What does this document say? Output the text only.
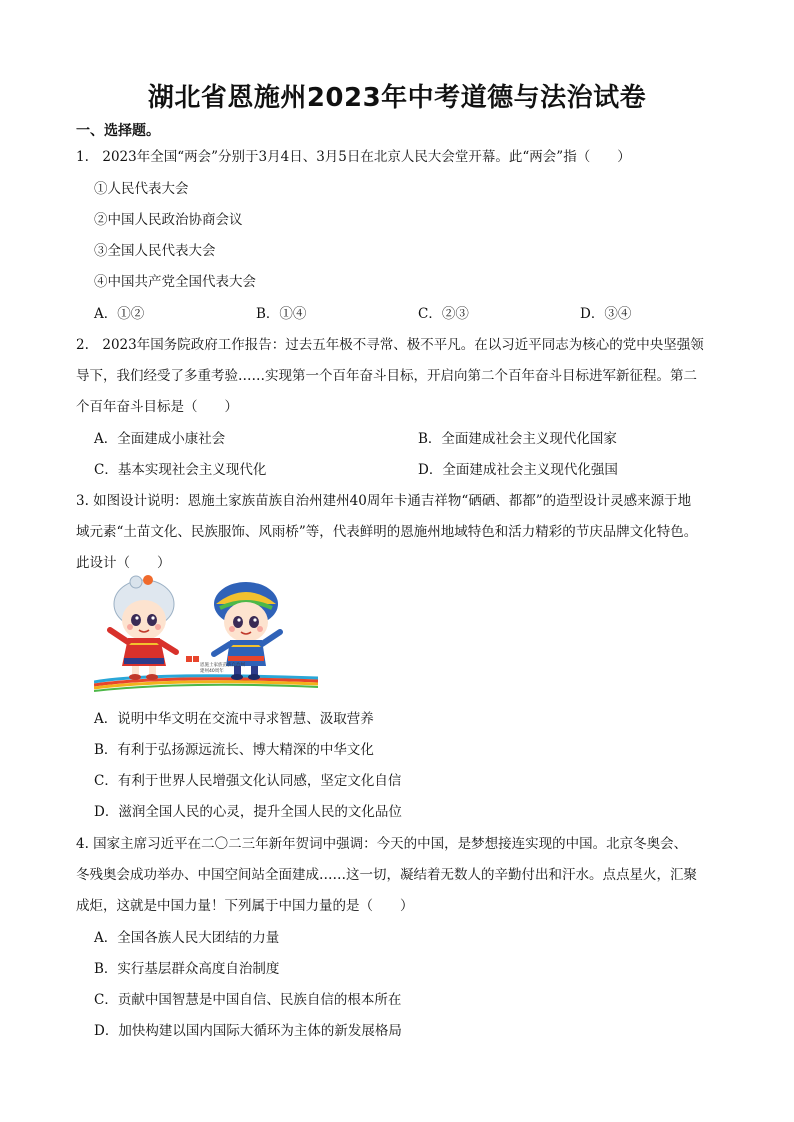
湖北省恩施州2023年中考道德与法治试卷
一、选择题。
1.　2023年全国“两会”分别于3月4日、3月5日在北京人民大会堂开幕。此“两会”指（　　）
①人民代表大会
②中国人民政治协商会议
③全国人民代表大会
④中国共产党全国代表大会
A．①②	B．①④	C．②③	D．③④
2.　2023年国务院政府工作报告：过去五年极不寻常、极不平凡。在以习近平同志为核心的党中央坚强领
导下，我们经受了多重考验……实现第一个百年奋斗目标，开启向第二个百年奋斗目标进军新征程。第二
个百年奋斗目标是（　　）
A．全面建成小康社会	B．全面建成社会主义现代化国家
C．基本实现社会主义现代化	D．全面建成社会主义现代化强国
3. 如图设计说明：恩施土家族苗族自治州建州40周年卡通吉祥物“硒硒、都都”的造型设计灵感来源于地
域元素“土苗文化、民族服饰、风雨桥”等，代表鲜明的恩施州地域特色和活力精彩的节庆品牌文化特色。
此设计（　　）
恩施土家族苗族自治州
建州40周年
A．说明中华文明在交流中寻求智慧、汲取营养
B．有利于弘扬源远流长、博大精深的中华文化
C．有利于世界人民增强文化认同感，坚定文化自信
D．滋润全国人民的心灵，提升全国人民的文化品位
4. 国家主席习近平在二〇二三年新年贺词中强调：今天的中国，是梦想接连实现的中国。北京冬奥会、
冬残奥会成功举办、中国空间站全面建成……这一切，凝结着无数人的辛勤付出和汗水。点点星火，汇聚
成炬，这就是中国力量！下列属于中国力量的是（　　）
A．全国各族人民大团结的力量
B．实行基层群众高度自治制度
C．贡献中国智慧是中国自信、民族自信的根本所在
D．加快构建以国内国际大循环为主体的新发展格局
